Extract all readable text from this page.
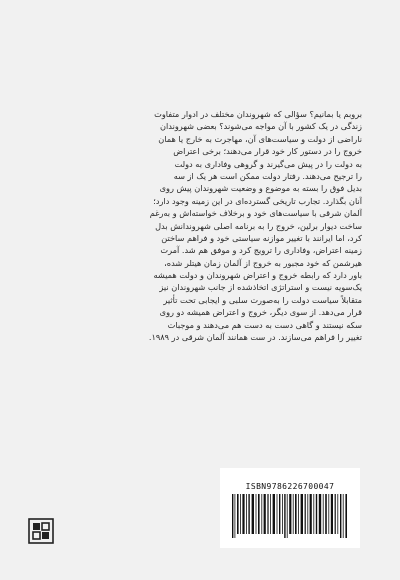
بروبم یا بمانیم؟ سؤالی که شهروندان مختلف در ادوار متفاوت
زندگی در یک کشور با آن مواجه می‌شوند؟ بعضی شهروندان
ناراضی از دولت و سیاست‌های آن، مهاجرت به خارج یا همان
خروج را در دستور کار خود قرار می‌دهند؛ برخی اعتراض
به دولت را در پیش می‌گیرند و گروهی وفاداری به دولت
را ترجیح می‌دهند. رفتار دولت ممکن است هر یک از سه
بدیل فوق را بسته به موضوع و وضعیت شهروندان پیش روی
آنان بگذارد. تجارب تاریخی گسترده‌ای در این زمینه وجود دارد؛
آلمان شرقی با سیاست‌های خود و برخلاف خواسته‌اش و به‌رغم
ساخت دیوار برلین، خروج را به برنامه اصلی شهروندانش بدل
کرد، اما ایرانند با تغییر موازنه سیاستی خود و فراهم ساختن
زمینه اعتراض، وفاداری را ترویج کرد و موفق هم شد. آمرت
هیرشمن که خود مجبور به خروج از آلمان زمان هیتلر شده،
باور دارد که رابطه خروج و اعتراض شهروندان و دولت همیشه
یک‌سویه نیست و استراتژی اتخاذشده از جانب شهروندان نیز
متقابلاً سیاست دولت را به‌صورت سلبی و ایجابی تحت تأثیر
قرار می‌دهد. از سوی دیگر، خروج و اعتراض همیشه دو روی
سکه نیستند و گاهی دست به دست هم می‌دهند و موجبات
تغییر را فراهم می‌سازند. در ست همانند آلمان شرقی در ۱۹۸۹.
ISBN9786226700047
